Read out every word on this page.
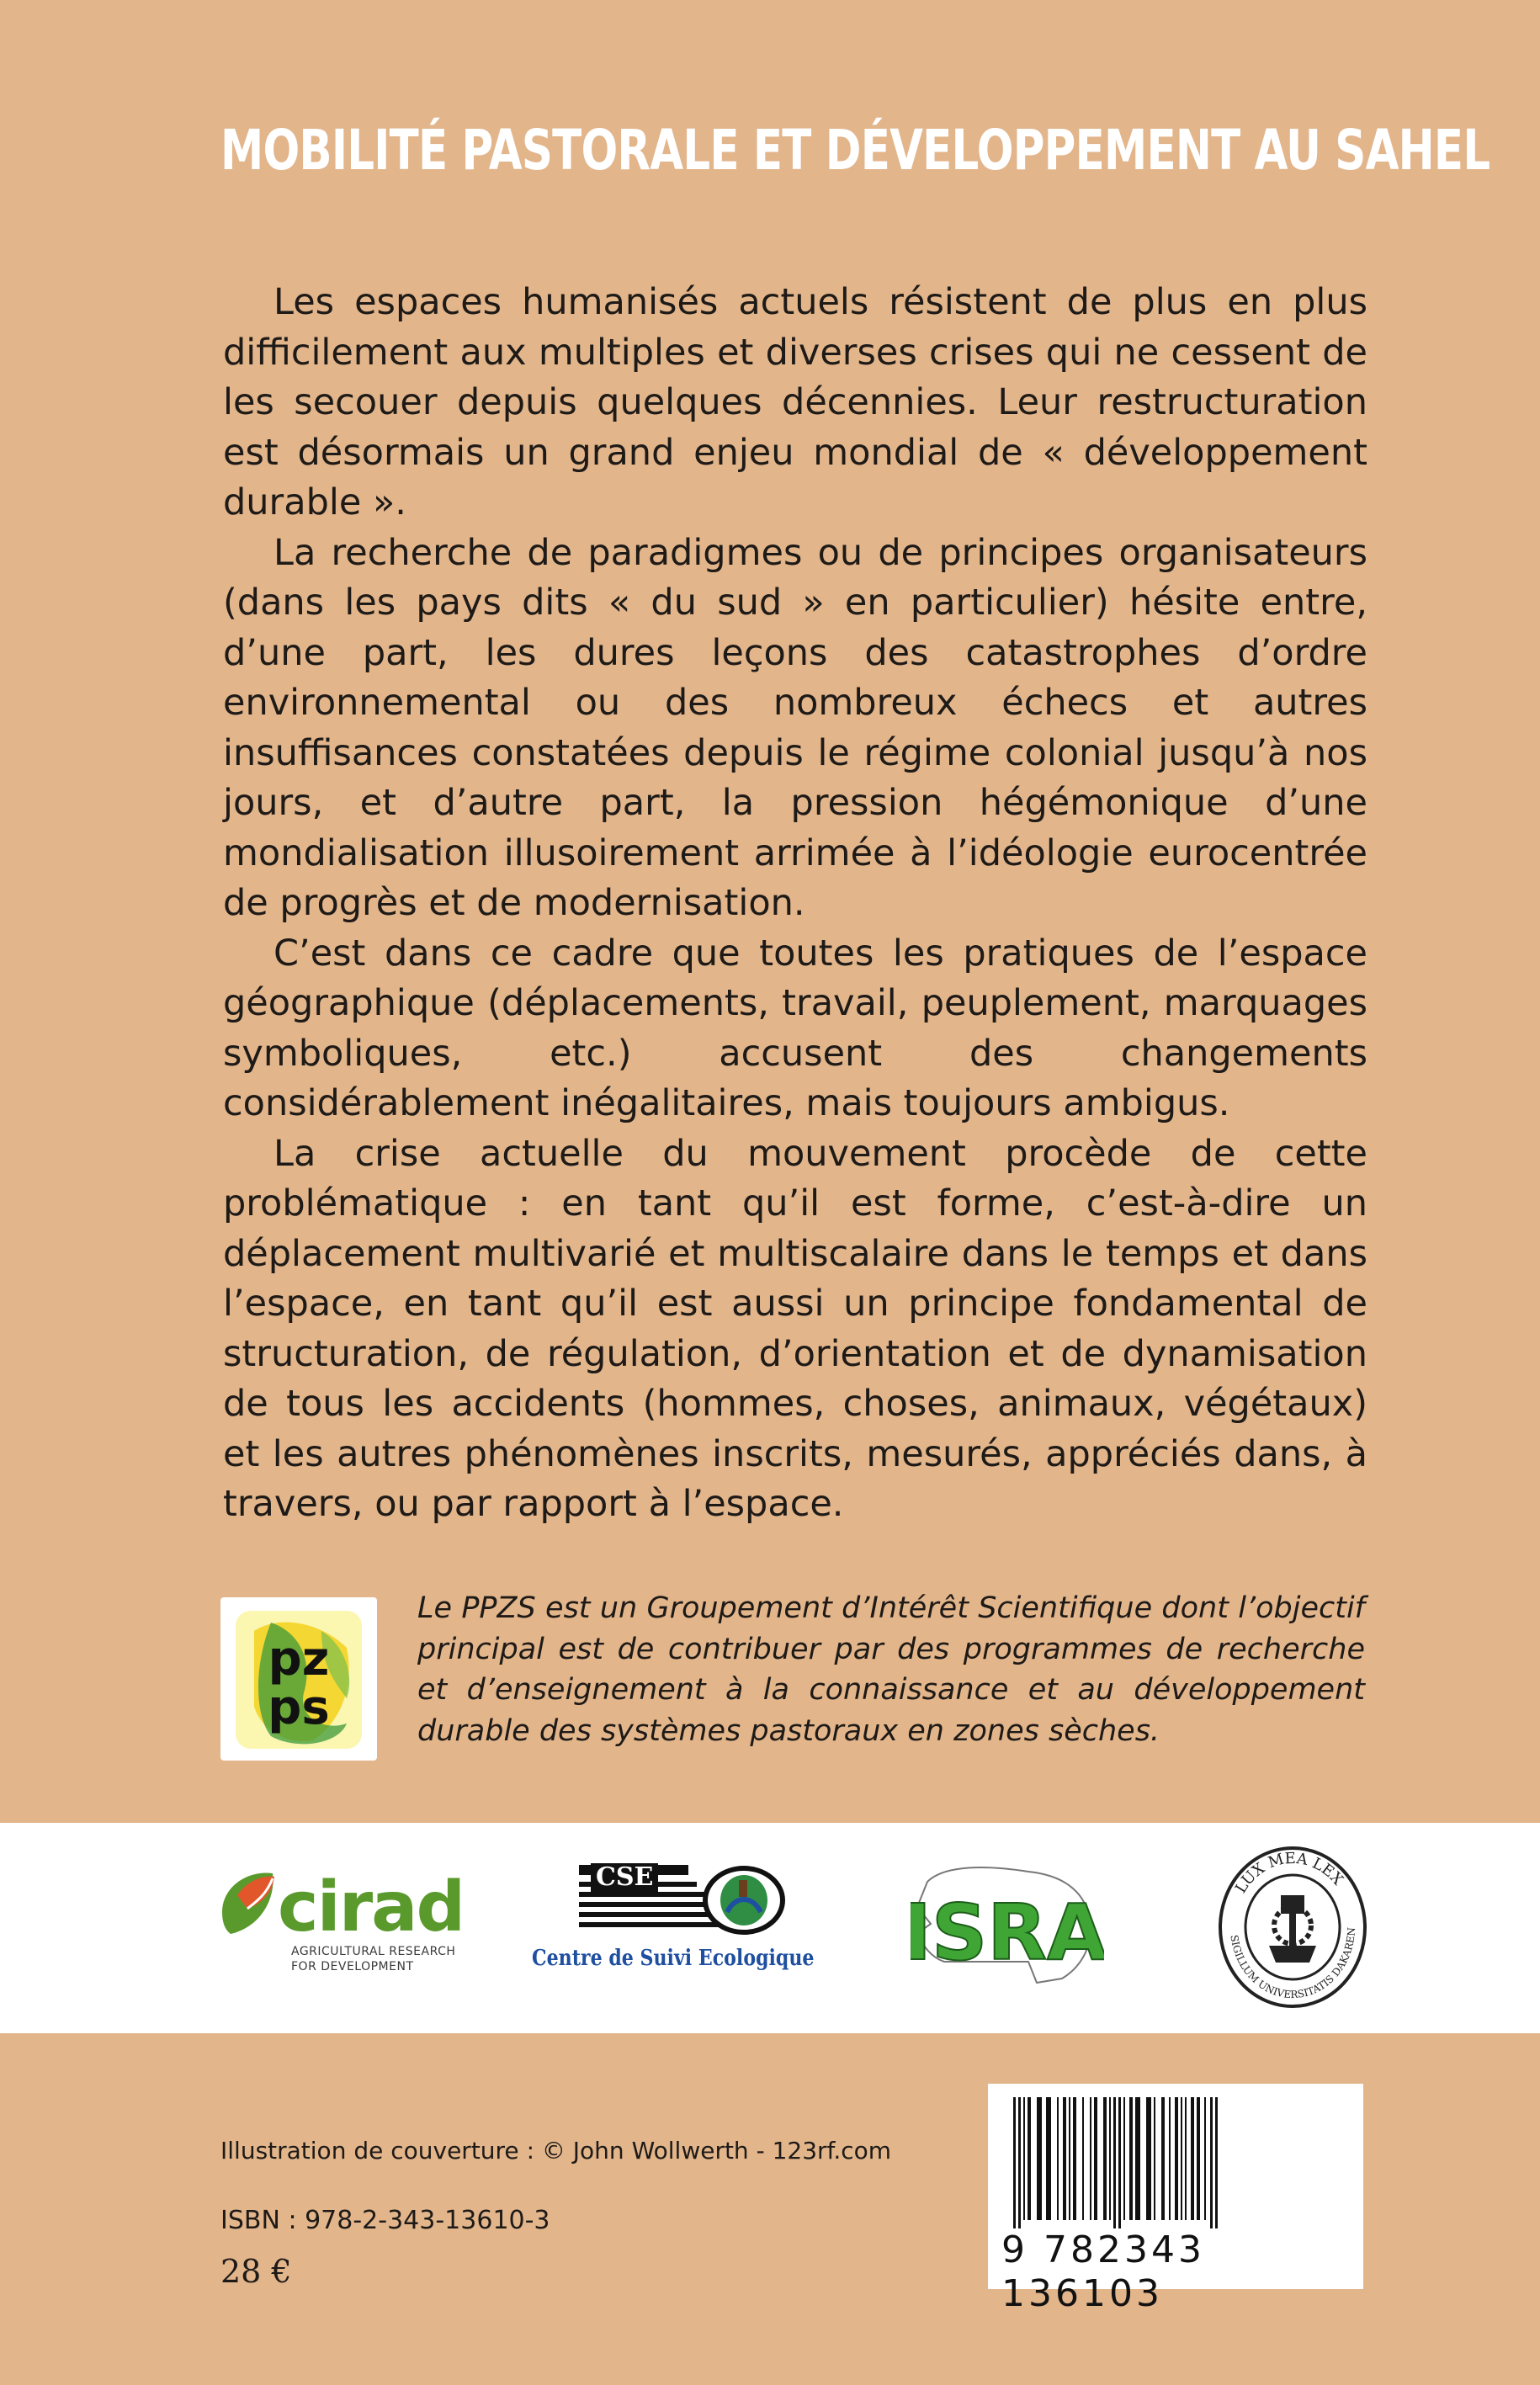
MOBILITÉ PASTORALE ET DÉVELOPPEMENT AU SAHEL

Les espaces humanisés actuels résistent de plus en plus difficilement aux multiples et diverses crises qui ne cessent de les secouer depuis quelques décennies. Leur restructuration est désormais un grand enjeu mondial de « développement durable ».

La recherche de paradigmes ou de principes organisateurs (dans les pays dits « du sud » en particulier) hésite entre, d’une part, les dures leçons des catastrophes d’ordre environnemental ou des nombreux échecs et autres insuffisances constatées depuis le régime colonial jusqu’à nos jours, et d’autre part, la pression hégémonique d’une mondialisation illusoirement arrimée à l’idéologie eurocentrée de progrès et de modernisation.

C’est dans ce cadre que toutes les pratiques de l’espace géographique (déplacements, travail, peuplement, marquages symboliques, etc.) accusent des changements considérablement inégalitaires, mais toujours ambigus.

La crise actuelle du mouvement procède de cette problématique : en tant qu’il est forme, c’est-à-dire un déplacement multivarié et multiscalaire dans le temps et dans l’espace, en tant qu’il est aussi un principe fondamental de structuration, de régulation, d’orientation et de dynamisation de tous les accidents (hommes, choses, animaux, végétaux) et les autres phénomènes inscrits, mesurés, appréciés dans, à travers, ou par rapport à l’espace.

pz
ps
Le PPZS est un Groupement d’Intérêt Scientifique dont l’objectif principal est de contribuer par des programmes de recherche et d’enseignement à la connaissance et au développement durable des systèmes pastoraux en zones sèches.
cirad
AGRICULTURAL RESEARCH
FOR DEVELOPMENT
CSE
Centre de Suivi Ecologique ISRA	LUX MEA LEX
SIGILLUM UNIVERSITATIS DAKAREN
Illustration de couverture : © John Wollwerth - 123rf.com
ISBN : 978-2-343-13610-3
28 €	9 782343 136103
